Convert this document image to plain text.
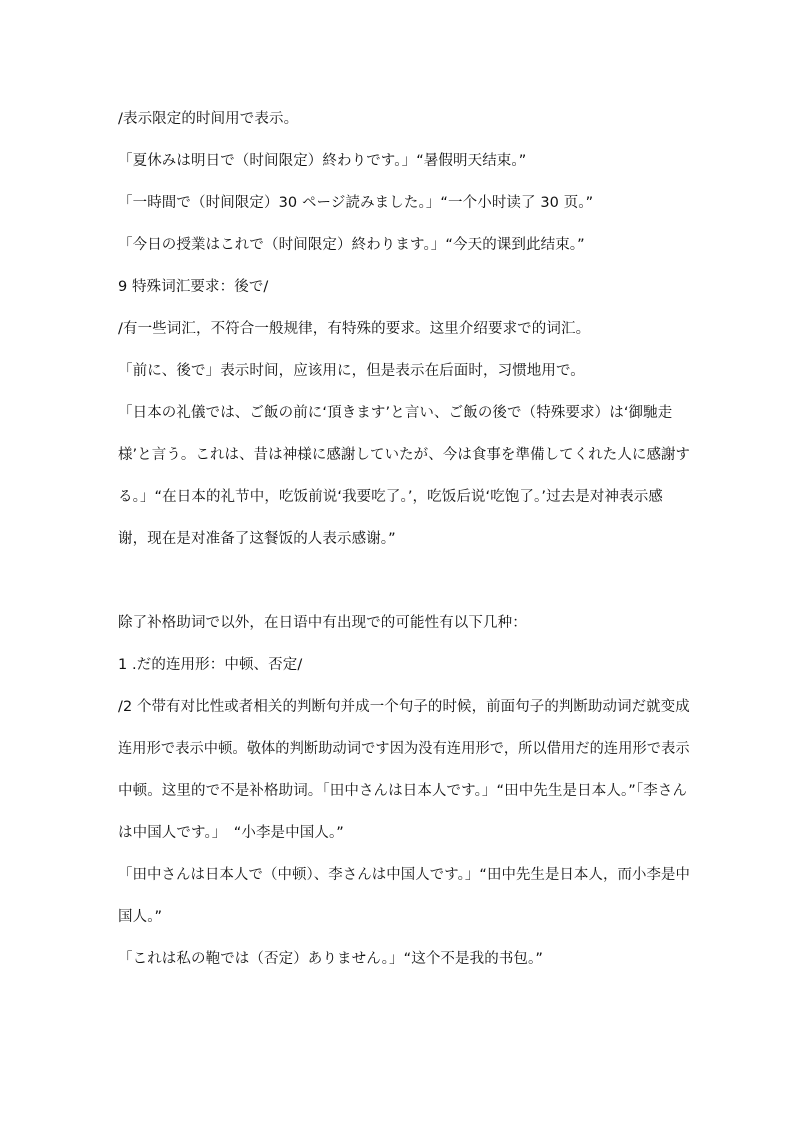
/表示限定的时间用で表示。
「夏休みは明日で（时间限定）終わりです。」“暑假明天结束。”
「一時間で（时间限定）30 ページ読みました。」“一个小时读了 30 页。”
「今日の授業はこれで（时间限定）終わります。」“今天的课到此结束。”
9 特殊词汇要求：後で/
/有一些词汇，不符合一般规律，有特殊的要求。这里介绍要求で的词汇。
「前に、後で」表示时间，应该用に，但是表示在后面时，习惯地用で。
「日本の礼儀では、ご飯の前に‘頂きます’と言い、ご飯の後で（特殊要求）は‘御馳走
様’と言う。これは、昔は神様に感謝していたが、今は食事を準備してくれた人に感謝す
る。」“在日本的礼节中，吃饭前说‘我要吃了。’，吃饭后说‘吃饱了。’过去是对神表示感
谢，现在是对准备了这餐饭的人表示感谢。”
除了补格助词で以外，在日语中有出现で的可能性有以下几种：
1 .だ的连用形：中顿、否定/
/2 个带有对比性或者相关的判断句并成一个句子的时候，前面句子的判断助动词だ就变成
连用形で表示中顿。敬体的判断助动词です因为没有连用形で，所以借用だ的连用形で表示
中顿。这里的で不是补格助词。「田中さんは日本人です。」“田中先生是日本人。”「李さん
は中国人です。」　“小李是中国人。”
「田中さんは日本人で（中顿）、李さんは中国人です。」“田中先生是日本人，而小李是中
国人。”
「これは私の鞄では（否定）ありません。」“这个不是我的书包。”
